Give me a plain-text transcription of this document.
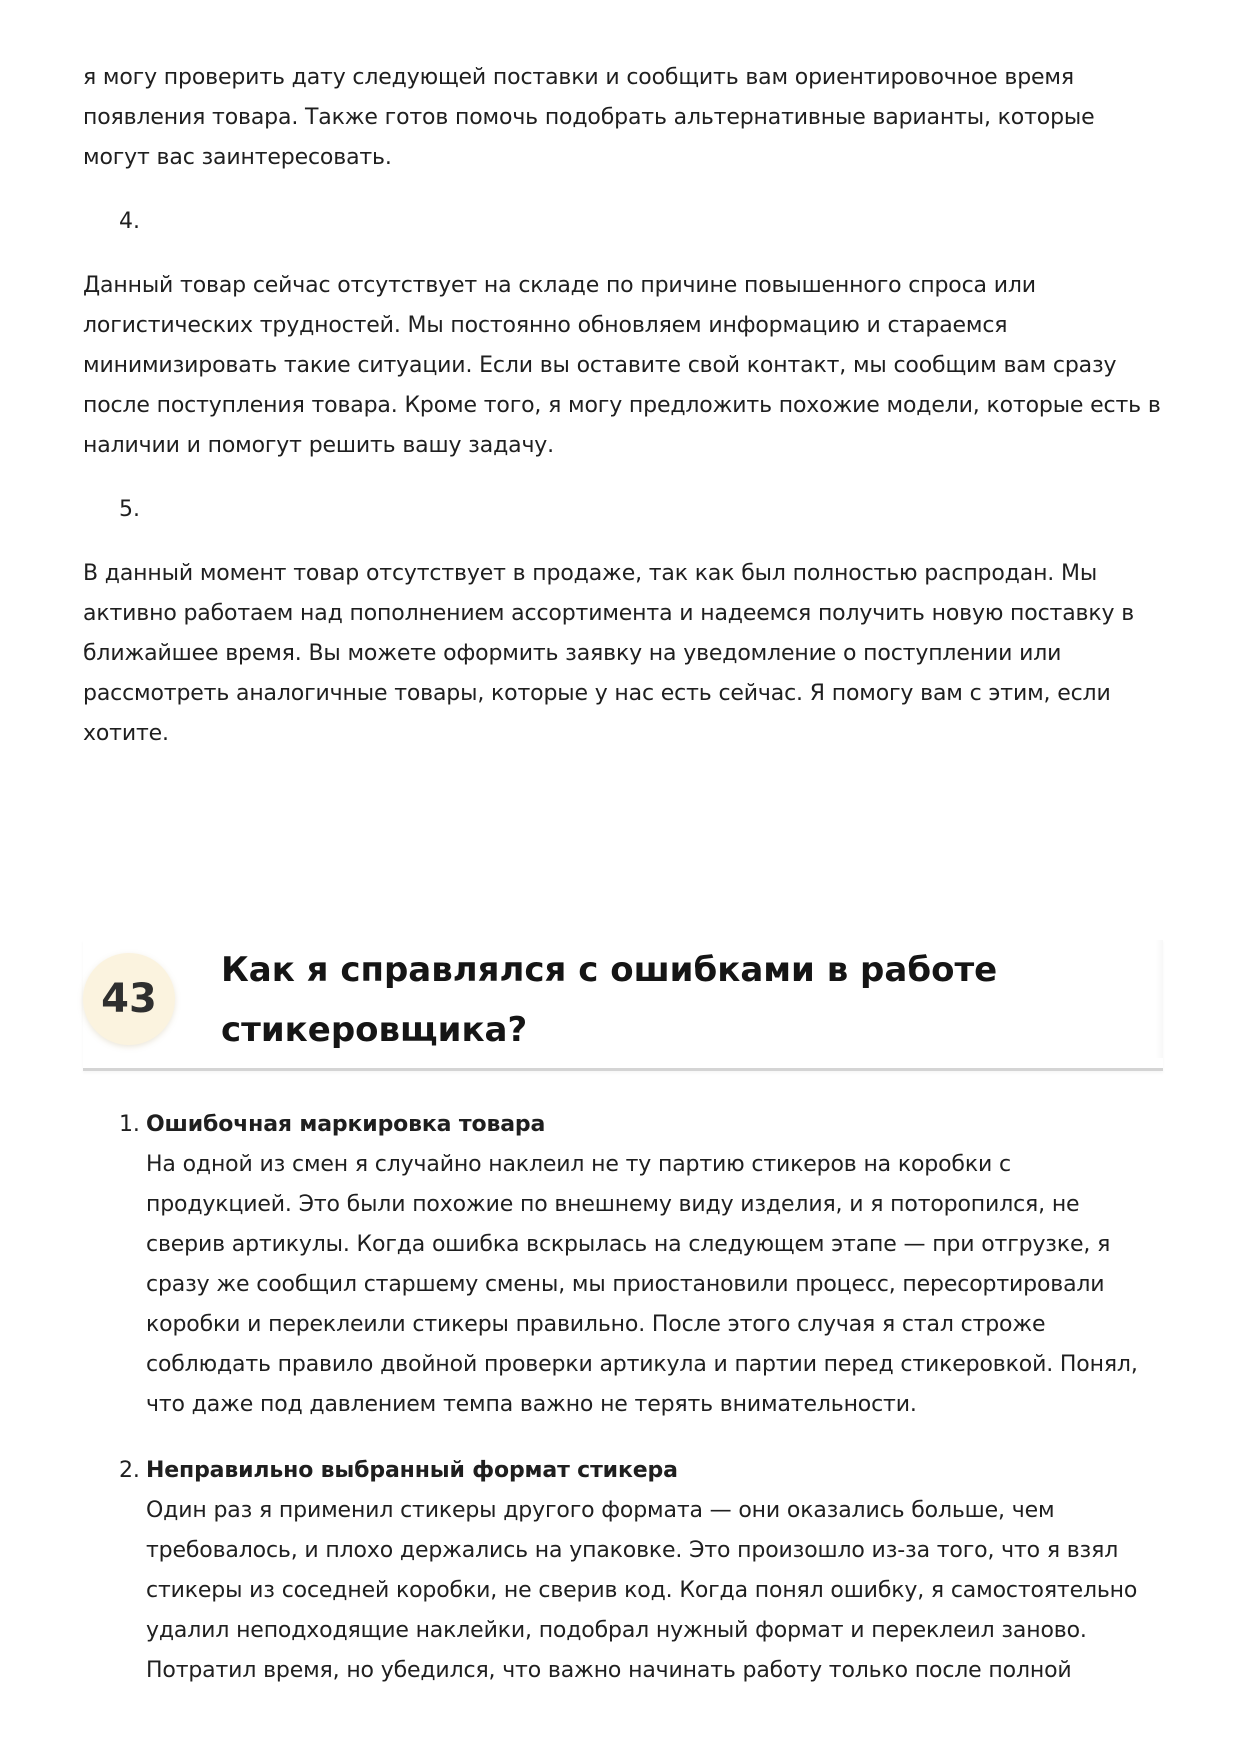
я могу проверить дату следующей поставки и сообщить вам ориентировочное время появления товара. Также готов помочь подобрать альтернативные варианты, которые могут вас заинтересовать.

4.

Данный товар сейчас отсутствует на складе по причине повышенного спроса или логистических трудностей. Мы постоянно обновляем информацию и стараемся минимизировать такие ситуации. Если вы оставите свой контакт, мы сообщим вам сразу после поступления товара. Кроме того, я могу предложить похожие модели, которые есть в наличии и помогут решить вашу задачу.

5.

В данный момент товар отсутствует в продаже, так как был полностью распродан. Мы активно работаем над пополнением ассортимента и надеемся получить новую поставку в ближайшее время. Вы можете оформить заявку на уведомление о поступлении или рассмотреть аналогичные товары, которые у нас есть сейчас. Я помогу вам с этим, если хотите.

43
Как я справлялся с ошибками в работе стикеровщика?
1. Ошибочная маркировка товара
На одной из смен я случайно наклеил не ту партию стикеров на коробки с продукцией. Это были похожие по внешнему виду изделия, и я поторопился, не сверив артикулы. Когда ошибка вскрылась на следующем этапе — при отгрузке, я сразу же сообщил старшему смены, мы приостановили процесс, пересортировали коробки и переклеили стикеры правильно. После этого случая я стал строже соблюдать правило двойной проверки артикула и партии перед стикеровкой. Понял, что даже под давлением темпа важно не терять внимательности.
2. Неправильно выбранный формат стикера
Один раз я применил стикеры другого формата — они оказались больше, чем требовалось, и плохо держались на упаковке. Это произошло из-за того, что я взял стикеры из соседней коробки, не сверив код. Когда понял ошибку, я самостоятельно удалил неподходящие наклейки, подобрал нужный формат и переклеил заново. Потратил время, но убедился, что важно начинать работу только после полной
